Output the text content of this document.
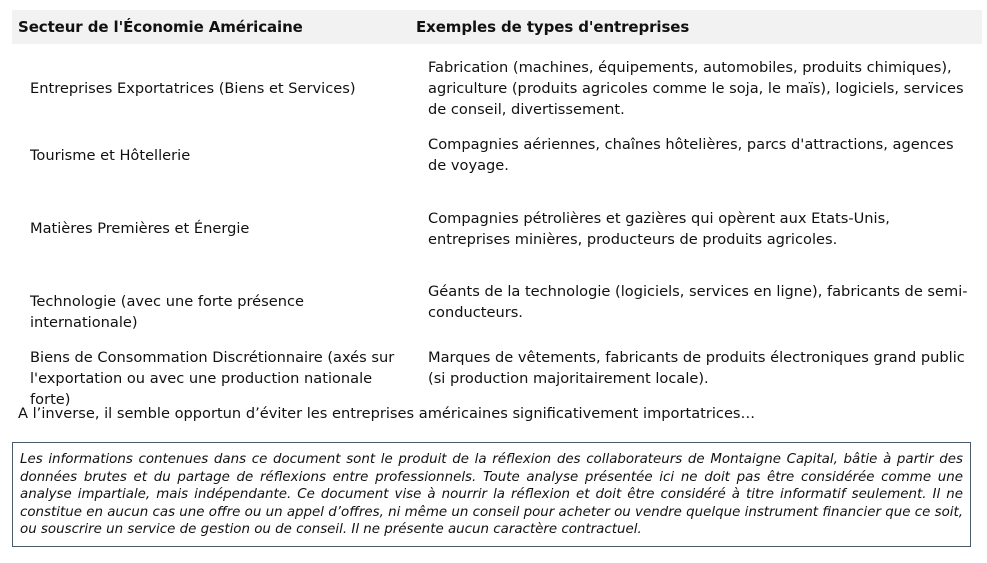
Secteur de l'Économie Américaine	Exemples de types d'entreprises
Entreprises Exportatrices (Biens et Services)
Fabrication (machines, équipements, automobiles, produits chimiques), agriculture (produits agricoles comme le soja, le maïs), logiciels, services de conseil, divertissement.
Tourisme et Hôtellerie
Compagnies aériennes, chaînes hôtelières, parcs d'attractions, agences de voyage.
Matières Premières et Énergie
Compagnies pétrolières et gazières qui opèrent aux Etats-Unis, entreprises minières, producteurs de produits agricoles.
Technologie (avec une forte présence internationale)
Géants de la technologie (logiciels, services en ligne), fabricants de semi-conducteurs.
Biens de Consommation Discrétionnaire (axés sur l'exportation ou avec une production nationale forte)
Marques de vêtements, fabricants de produits électroniques grand public (si production majoritairement locale).
A l’inverse, il semble opportun d’éviter les entreprises américaines significativement importatrices…
Les informations contenues dans ce document sont le produit de la réflexion des collaborateurs de Montaigne Capital, bâtie à partir des données brutes et du partage de réflexions entre professionnels. Toute analyse présentée ici ne doit pas être considérée comme une analyse impartiale, mais indépendante. Ce document vise à nourrir la réflexion et doit être considéré à titre informatif seulement. Il ne constitue en aucun cas une offre ou un appel d’offres, ni même un conseil pour acheter ou vendre quelque instrument financier que ce soit, ou souscrire un service de gestion ou de conseil. Il ne présente aucun caractère contractuel.
